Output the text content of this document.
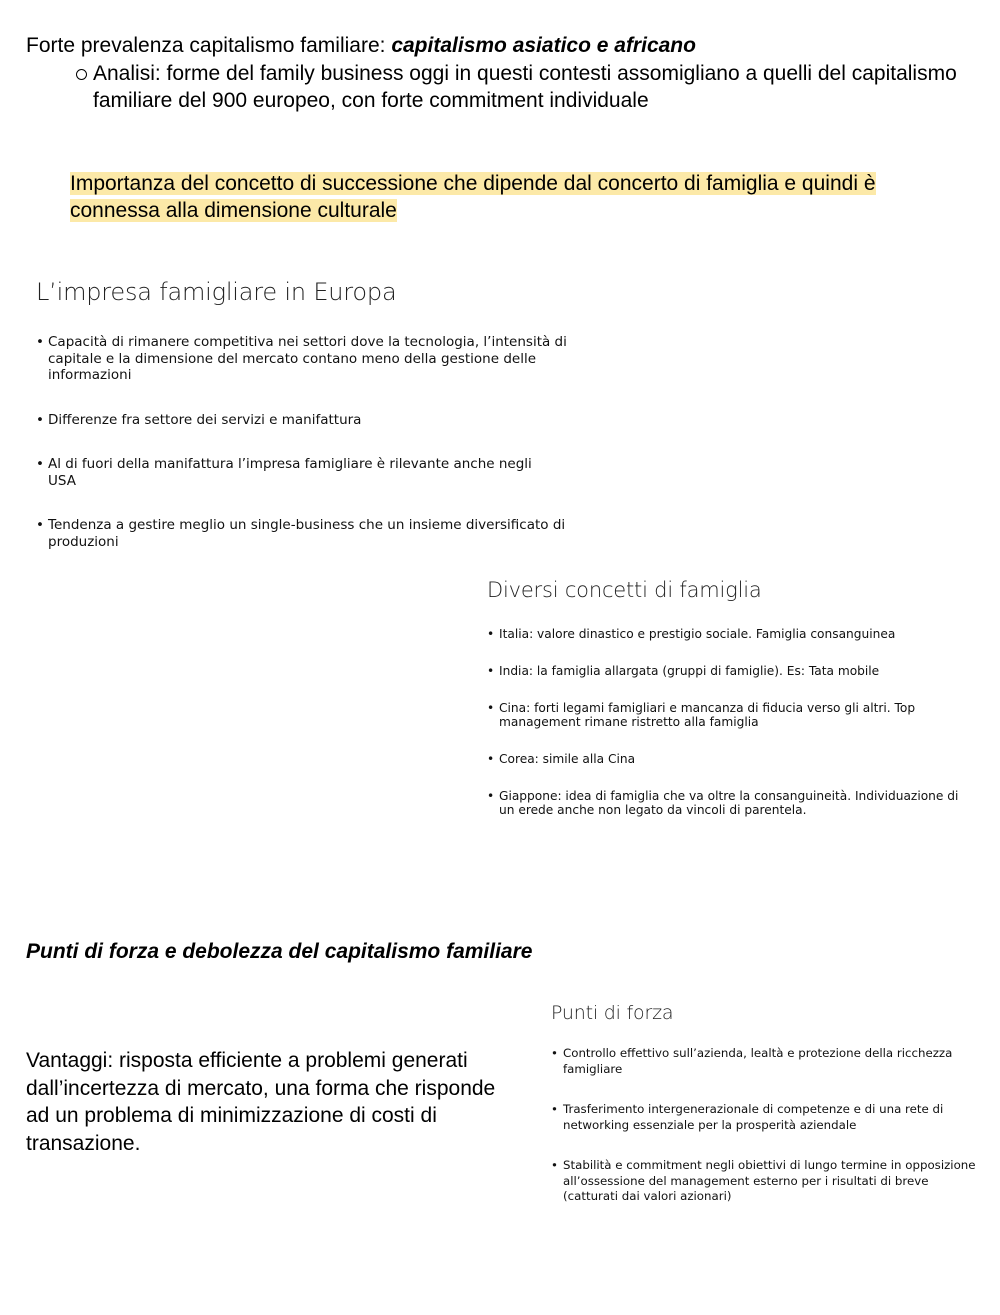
Forte prevalenza capitalismo familiare: capitalismo asiatico e africano
Analisi: forme del family business oggi in questi contesti assomigliano a quelli del capitalismo familiare del 900 europeo, con forte commitment individuale
Importanza del concetto di successione che dipende dal concerto di famiglia e quindi è
connessa alla dimensione culturale
L’impresa famigliare in Europa
• Capacità di rimanere competitiva nei settori dove la tecnologia, l’intensità di capitale e la dimensione del mercato contano meno della gestione delle informazioni
• Differenze fra settore dei servizi e manifattura
• Al di fuori della manifattura l’impresa famigliare è rilevante anche negli USA
• Tendenza a gestire meglio un single-business che un insieme diversificato di produzioni
Diversi concetti di famiglia
• Italia: valore dinastico e prestigio sociale. Famiglia consanguinea
• India: la famiglia allargata (gruppi di famiglie). Es: Tata mobile
• Cina: forti legami famigliari e mancanza di fiducia verso gli altri. Top management rimane ristretto alla famiglia
• Corea: simile alla Cina
• Giappone: idea di famiglia che va oltre la consanguineità. Individuazione di un erede anche non legato da vincoli di parentela.
Punti di forza e debolezza del capitalismo familiare
Vantaggi: risposta efficiente a problemi generati dall’incertezza di mercato, una forma che risponde ad un problema di minimizzazione di costi di transazione.
Punti di forza
• Controllo effettivo sull’azienda, lealtà e protezione della ricchezza famigliare
• Trasferimento intergenerazionale di competenze e di una rete di networking essenziale per la prosperità aziendale
• Stabilità e commitment negli obiettivi di lungo termine in opposizione all’ossessione del management esterno per i risultati di breve (catturati dai valori azionari)
